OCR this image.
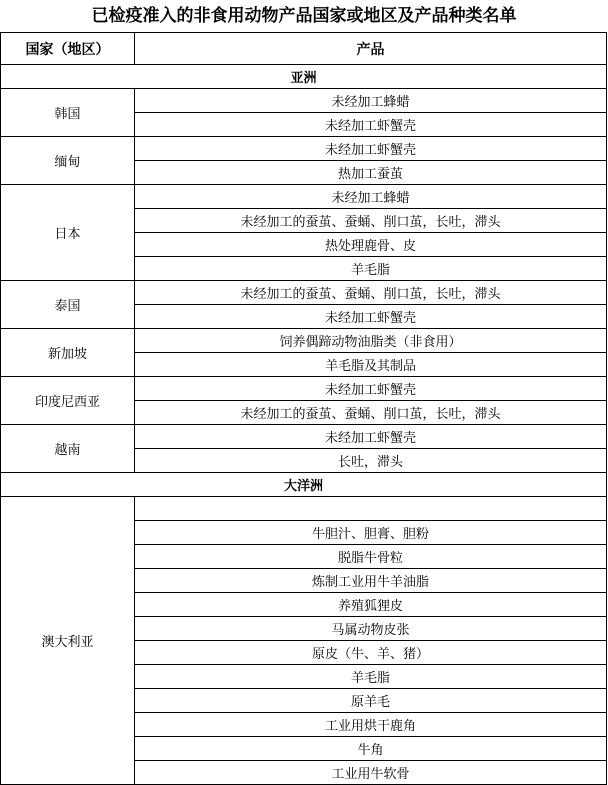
已检疫准入的非食用动物产品国家或地区及产品种类名单
国家（地区）	产品
亚洲	
韩国	未经加工蜂蜡
	未经加工虾蟹壳
缅甸	未经加工虾蟹壳
	热加工蚕茧
日本	未经加工蜂蜡
	未经加工的蚕茧、蚕蛹、削口茧，长吐，滞头
	热处理鹿骨、皮
	羊毛脂
泰国	未经加工的蚕茧、蚕蛹、削口茧，长吐，滞头
	未经加工虾蟹壳
新加坡	饲养偶蹄动物油脂类（非食用）
	羊毛脂及其制品
印度尼西亚	未经加工虾蟹壳
	未经加工的蚕茧、蚕蛹、削口茧，长吐，滞头
越南	未经加工虾蟹壳
	长吐，滞头
大洋洲	
澳大利亚	
	牛胆汁、胆膏、胆粉
	脱脂牛骨粒
	炼制工业用牛羊油脂
	养殖狐狸皮
	马属动物皮张
	原皮（牛、羊、猪）
	羊毛脂
	原羊毛
	工业用烘干鹿角
	牛角
	工业用牛软骨
